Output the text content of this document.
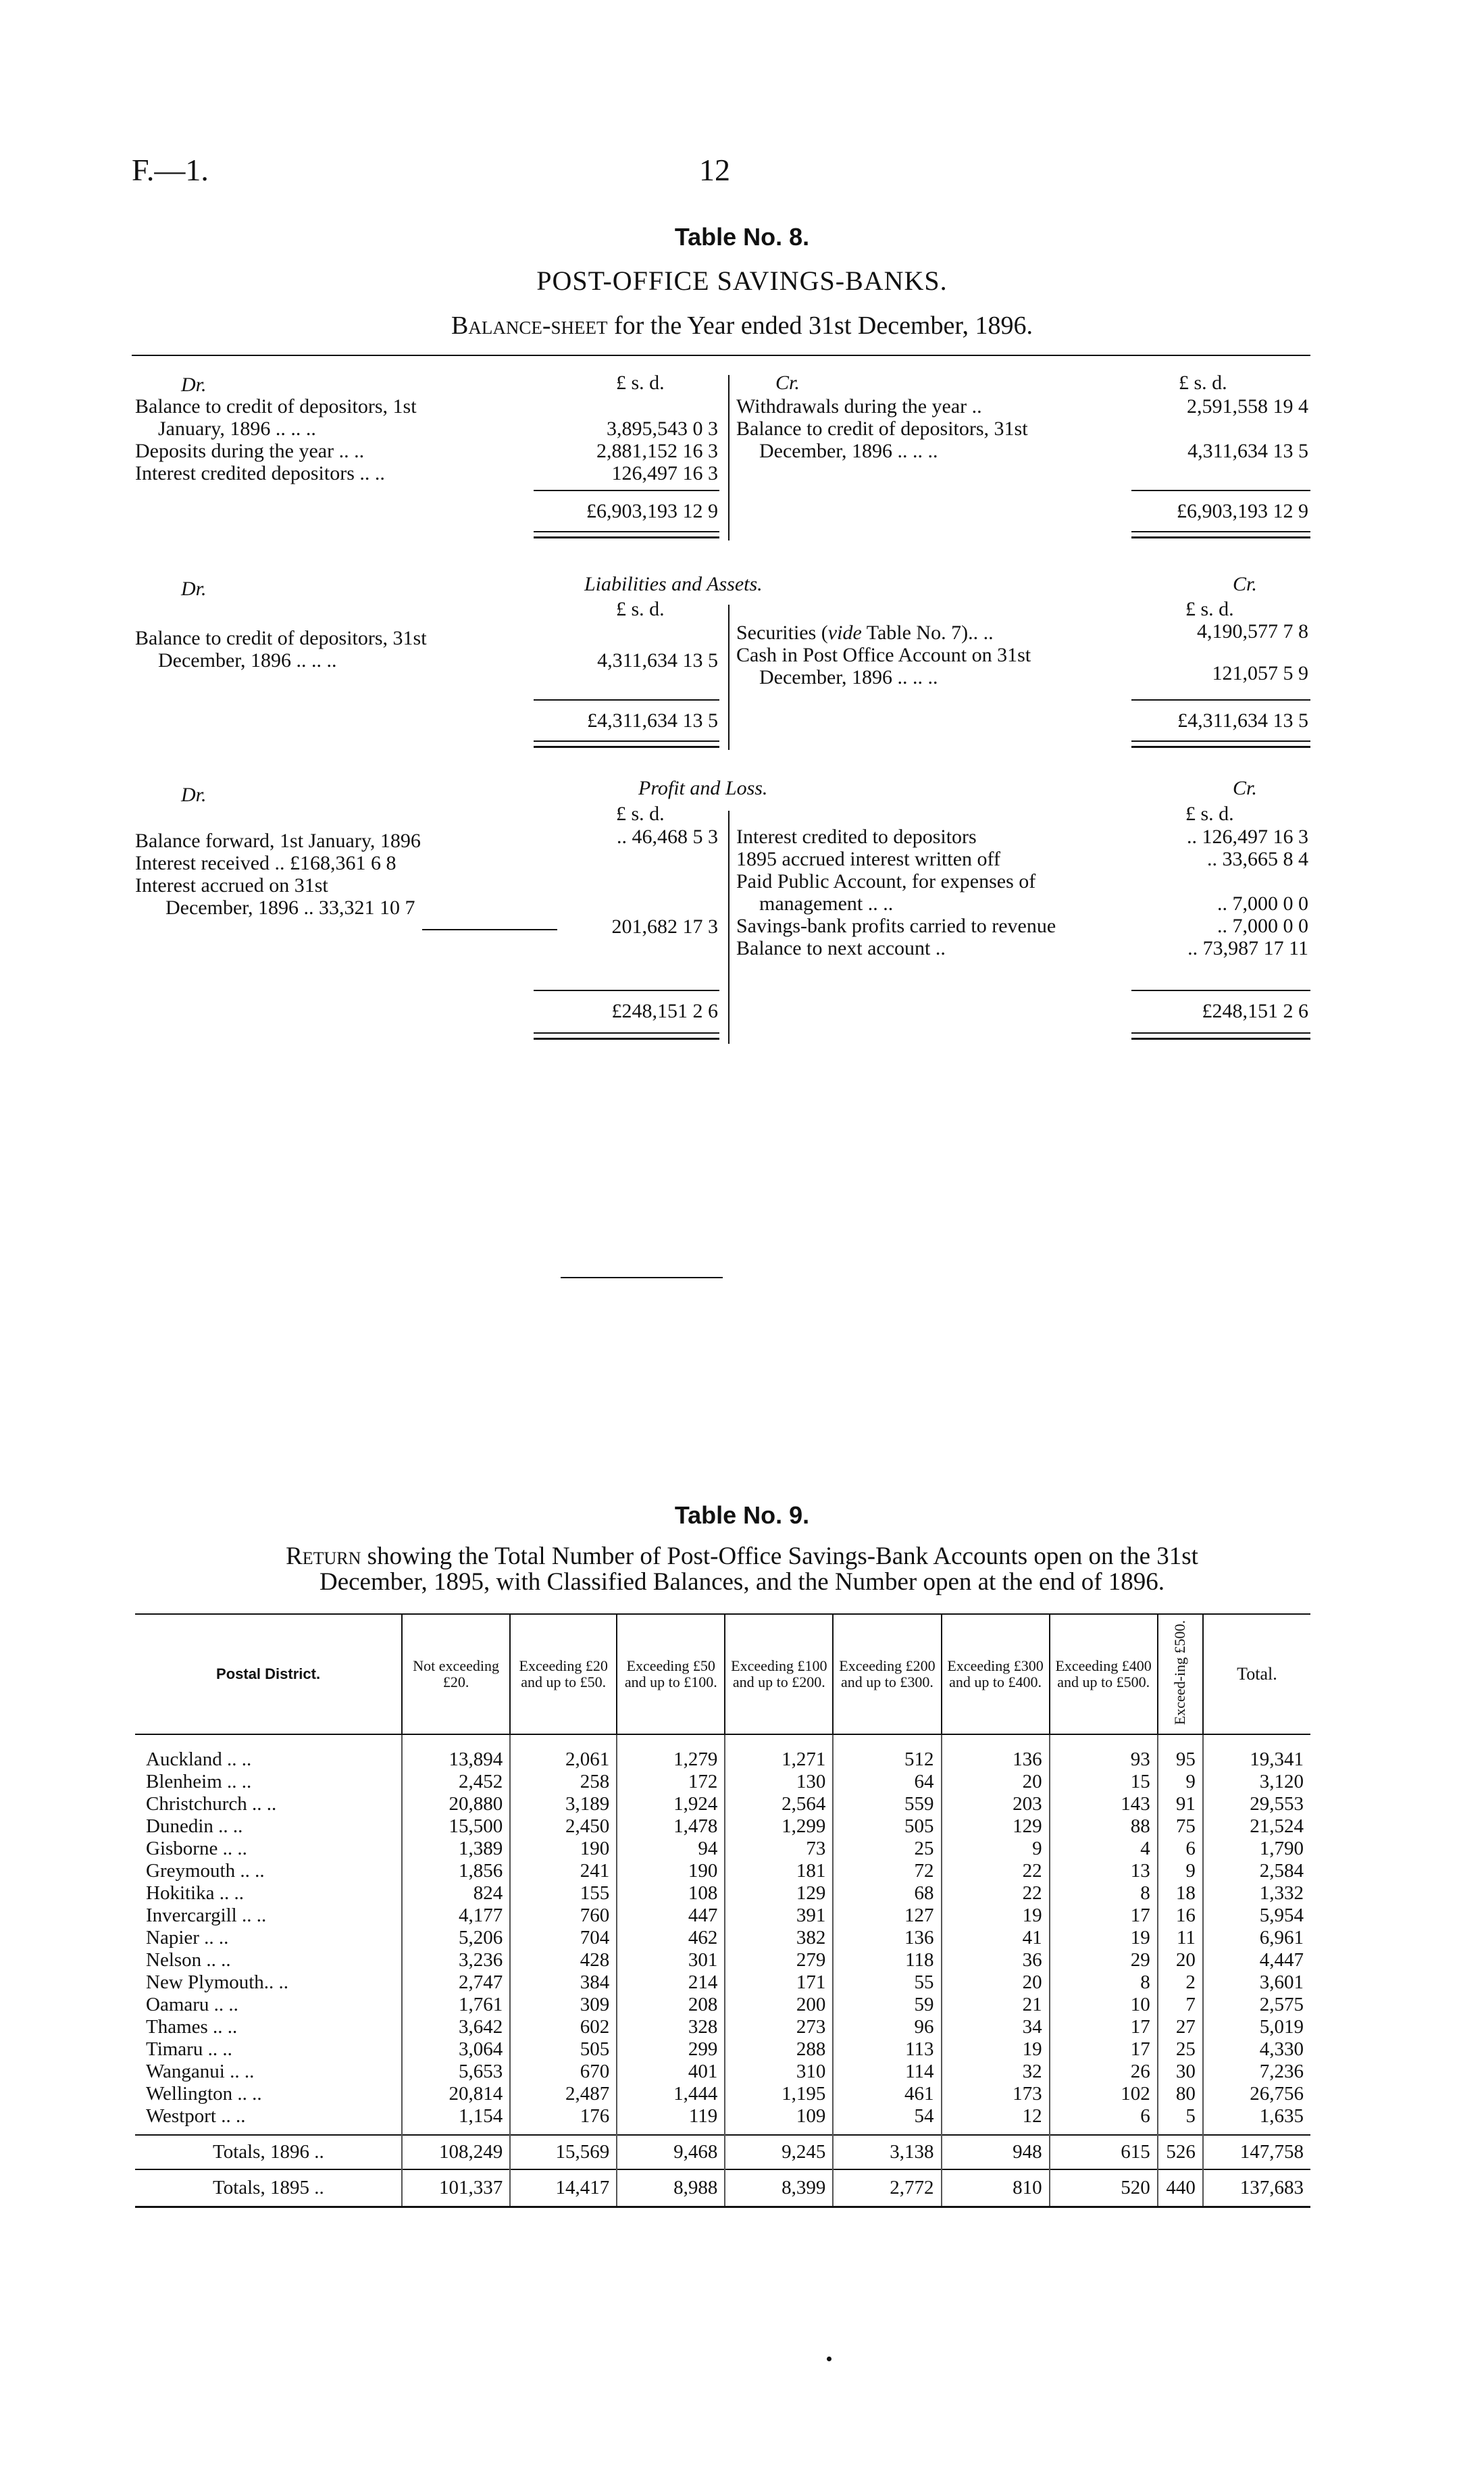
F.—1.	12
Table No. 8.
POST-OFFICE SAVINGS-BANKS.
Balance-sheet for the Year ended 31st December, 1896.
Dr.	£ s. d.	Cr.	£ s. d.
Balance to credit of depositors, 1st
January, 1896 .. .. ..	3,895,543 0 3
Deposits during the year .. ..	2,881,152 16 3
Interest credited depositors .. ..	126,497 16 3
£6,903,193 12 9
Withdrawals during the year ..	2,591,558 19 4
Balance to credit of depositors, 31st
December, 1896 .. .. ..	4,311,634 13 5
£6,903,193 12 9
Dr.	Liabilities and Assets.	Cr.
£ s. d.	£ s. d.
Balance to credit of depositors, 31st
December, 1896 .. .. ..	4,311,634 13 5
£4,311,634 13 5
Securities (vide Table No. 7).. ..	4,190,577 7 8
Cash in Post Office Account on 31st
December, 1896 .. .. ..	121,057 5 9
£4,311,634 13 5
Dr.	Profit and Loss.	Cr.
£ s. d.	£ s. d.
Balance forward, 1st January, 1896	.. 46,468 5 3
Interest received .. £168,361 6 8
Interest accrued on 31st
December, 1896 .. 33,321 10 7
201,682 17 3
£248,151 2 6
Interest credited to depositors	.. 126,497 16 3
1895 accrued interest written off	.. 33,665 8 4
Paid Public Account, for expenses of
management .. ..	.. 7,000 0 0
Savings-bank profits carried to revenue	.. 7,000 0 0
Balance to next account ..	.. 73,987 17 11
£248,151 2 6
Table No. 9.
Return showing the Total Number of Post-Office Savings-Bank Accounts open on the 31st
December, 1895, with Classified Balances, and the Number open at the end of 1896.
Postal District.	Not exceeding £20.	Exceeding £20 and up to £50.	Exceeding £50 and up to £100.	Exceeding £100 and up to £200.	Exceeding £200 and up to £300.	Exceeding £300 and up to £400.	Exceeding £400 and up to £500.	Exceed-ing £500.	Total.
Auckland .. ..	13,894	2,061	1,279	1,271	512	136	93	95	19,341
Blenheim .. ..	2,452	258	172	130	64	20	15	9	3,120
Christchurch .. ..	20,880	3,189	1,924	2,564	559	203	143	91	29,553
Dunedin .. ..	15,500	2,450	1,478	1,299	505	129	88	75	21,524
Gisborne .. ..	1,389	190	94	73	25	9	4	6	1,790
Greymouth .. ..	1,856	241	190	181	72	22	13	9	2,584
Hokitika .. ..	824	155	108	129	68	22	8	18	1,332
Invercargill .. ..	4,177	760	447	391	127	19	17	16	5,954
Napier .. ..	5,206	704	462	382	136	41	19	11	6,961
Nelson .. ..	3,236	428	301	279	118	36	29	20	4,447
New Plymouth.. ..	2,747	384	214	171	55	20	8	2	3,601
Oamaru .. ..	1,761	309	208	200	59	21	10	7	2,575
Thames .. ..	3,642	602	328	273	96	34	17	27	5,019
Timaru .. ..	3,064	505	299	288	113	19	17	25	4,330
Wanganui .. ..	5,653	670	401	310	114	32	26	30	7,236
Wellington .. ..	20,814	2,487	1,444	1,195	461	173	102	80	26,756
Westport .. ..	1,154	176	119	109	54	12	6	5	1,635
Totals, 1896 ..	108,249	15,569	9,468	9,245	3,138	948	615	526	147,758
Totals, 1895 ..	101,337	14,417	8,988	8,399	2,772	810	520	440	137,683
